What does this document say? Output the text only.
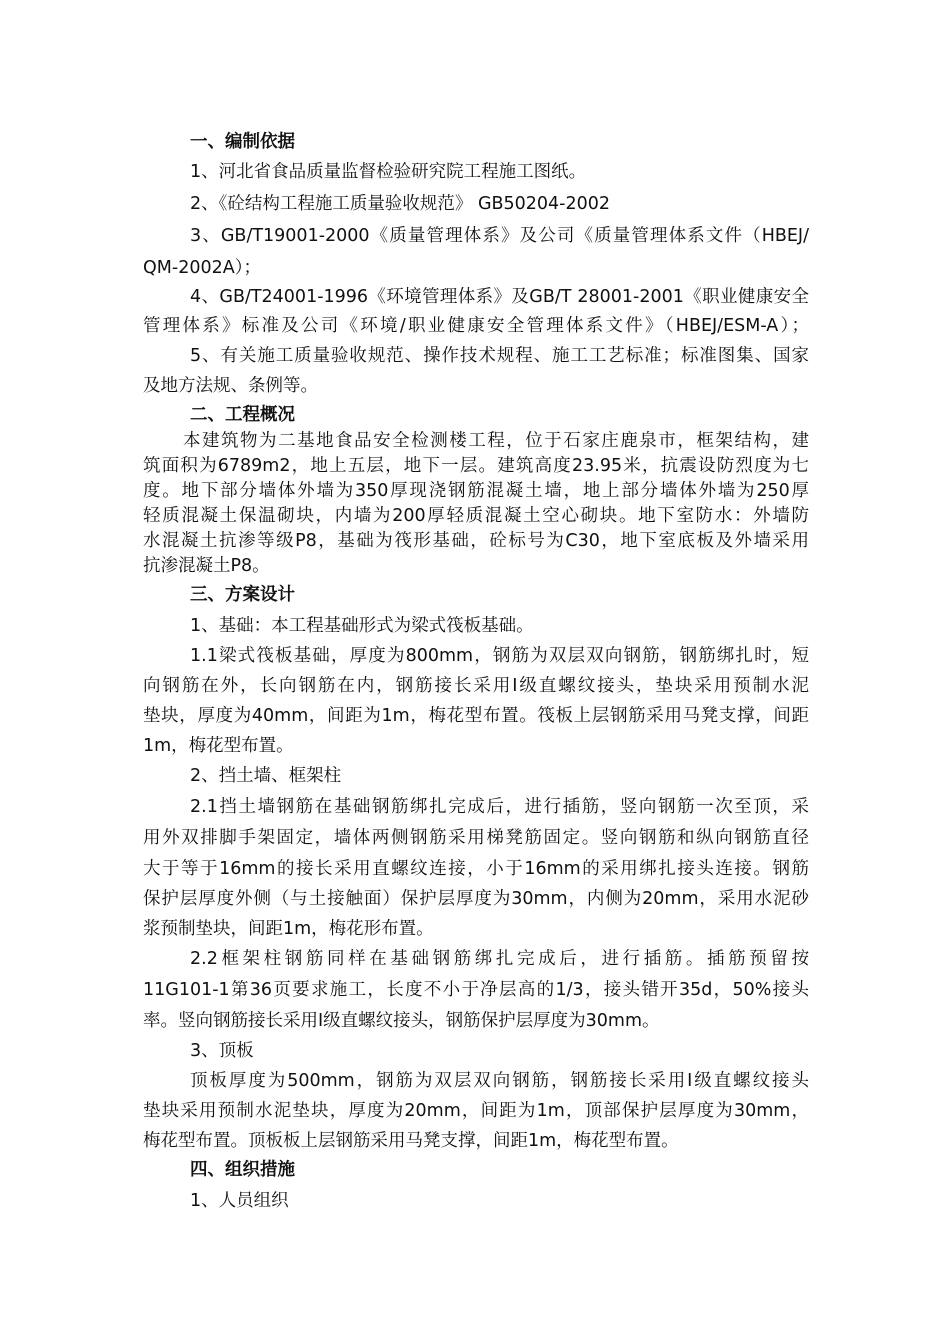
一、编制依据
1、河北省食品质量监督检验研究院工程施工图纸。
2、《砼结构工程施工质量验收规范》 GB50204-2002
3、GB/T19001-2000《质量管理体系》及公司《质量管理体系文件（HBEJ/
QM-2002A）；
4、GB/T24001-1996《环境管理体系》及GB/T 28001-2001《职业健康安全
管理体系》标准及公司《环境/职业健康安全管理体系文件》（HBEJ/ESM-A）；
5、有关施工质量验收规范、操作技术规程、施工工艺标准；标准图集、国家
及地方法规、条例等。
二、工程概况
本建筑物为二基地食品安全检测楼工程，位于石家庄鹿泉市，框架结构，建
筑面积为6789m2，地上五层，地下一层。建筑高度23.95米，抗震设防烈度为七
度。地下部分墙体外墙为350厚现浇钢筋混凝土墙，地上部分墙体外墙为250厚
轻质混凝土保温砌块，内墙为200厚轻质混凝土空心砌块。地下室防水：外墙防
水混凝土抗渗等级P8，基础为筏形基础，砼标号为C30，地下室底板及外墙采用
抗渗混凝土P8。
三、方案设计
1、基础：本工程基础形式为梁式筏板基础。
1.1梁式筏板基础，厚度为800mm，钢筋为双层双向钢筋，钢筋绑扎时，短
向钢筋在外，长向钢筋在内，钢筋接长采用Ⅰ级直螺纹接头，垫块采用预制水泥
垫块，厚度为40mm，间距为1m，梅花型布置。筏板上层钢筋采用马凳支撑，间距
1m，梅花型布置。
2、挡土墙、框架柱
2.1挡土墙钢筋在基础钢筋绑扎完成后，进行插筋，竖向钢筋一次至顶，采
用外双排脚手架固定，墙体两侧钢筋采用梯凳筋固定。竖向钢筋和纵向钢筋直径
大于等于16mm的接长采用直螺纹连接，小于16mm的采用绑扎接头连接。钢筋
保护层厚度外侧（与土接触面）保护层厚度为30mm，内侧为20mm，采用水泥砂
浆预制垫块，间距1m，梅花形布置。
2.2框架柱钢筋同样在基础钢筋绑扎完成后，进行插筋。插筋预留按
11G101-1第36页要求施工，长度不小于净层高的1/3，接头错开35d，50%接头
率。竖向钢筋接长采用Ⅰ级直螺纹接头，钢筋保护层厚度为30mm。
3、顶板
顶板厚度为500mm，钢筋为双层双向钢筋，钢筋接长采用Ⅰ级直螺纹接头
垫块采用预制水泥垫块，厚度为20mm，间距为1m，顶部保护层厚度为30mm，
梅花型布置。顶板板上层钢筋采用马凳支撑，间距1m，梅花型布置。
四、组织措施
1、人员组织
